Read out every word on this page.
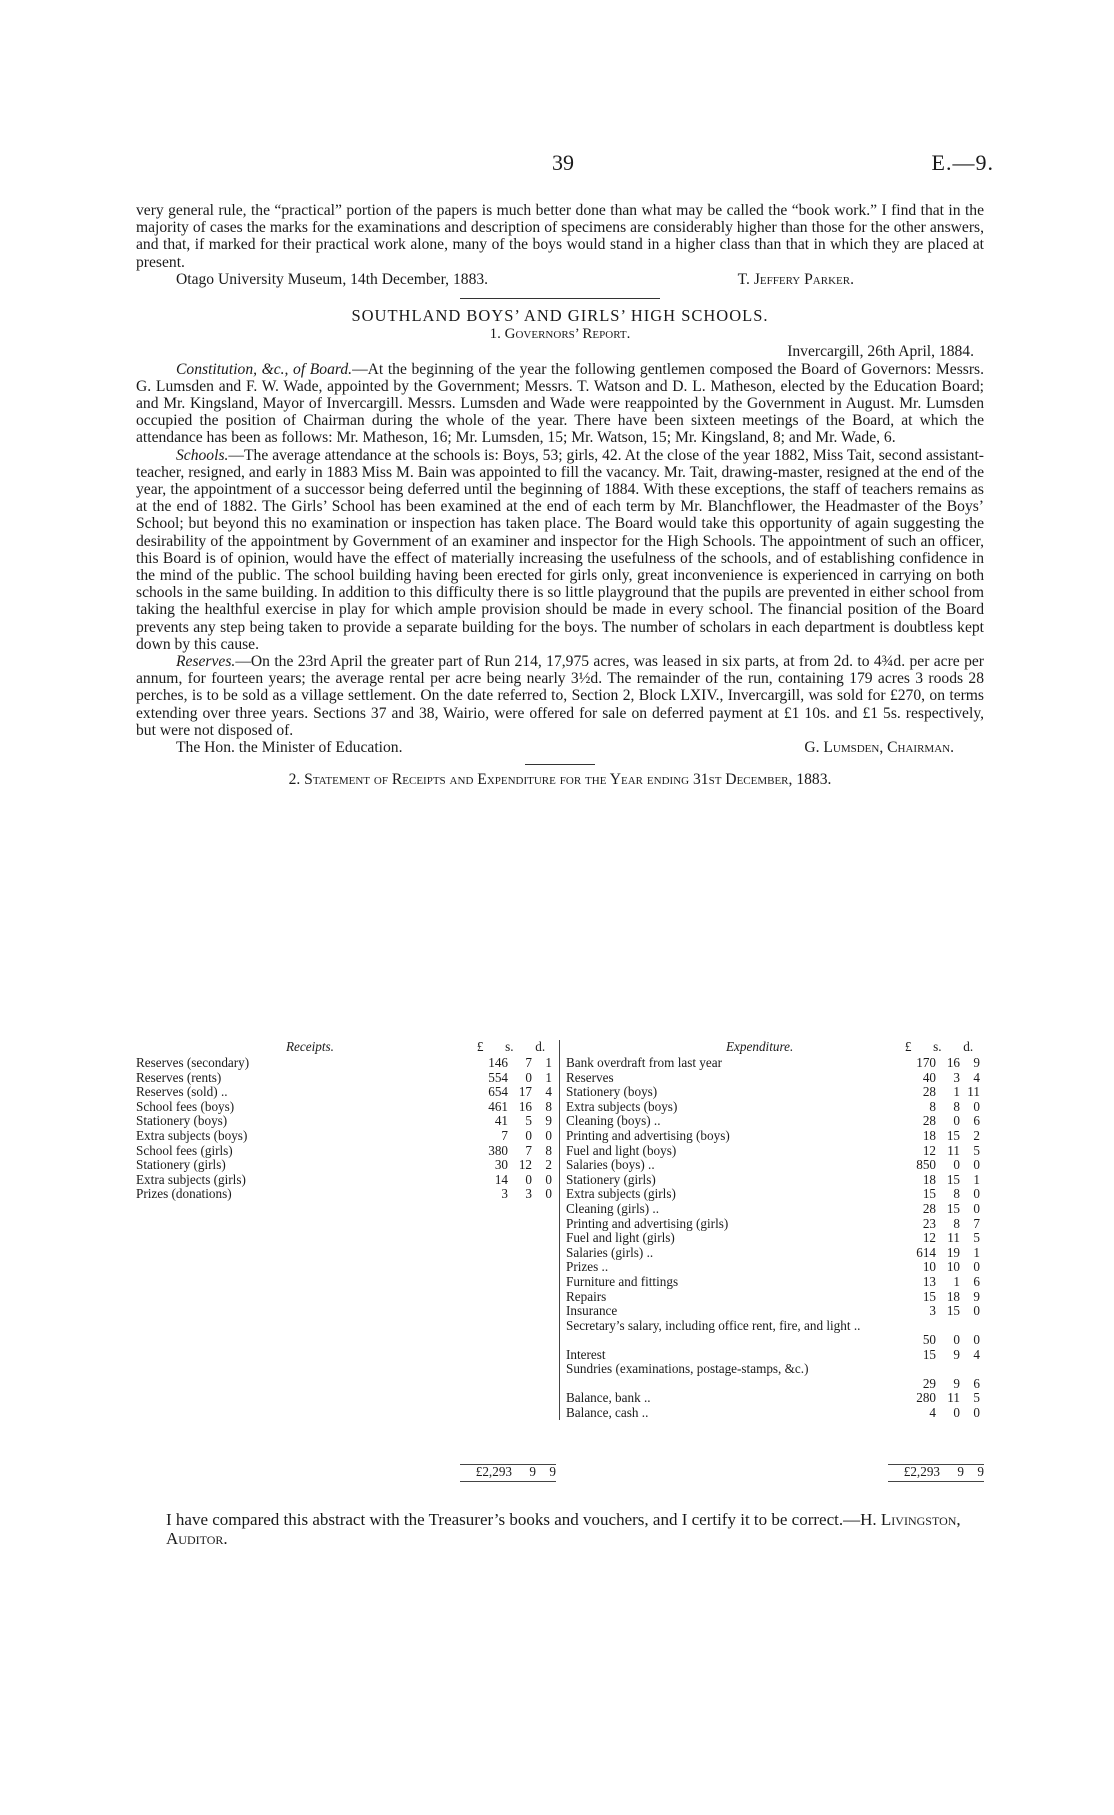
39	E.—9.

very general rule, the “practical” portion of the papers is much better done than what may be called the “book work.” I find that in the majority of cases the marks for the examinations and description of specimens are considerably higher than those for the other answers, and that, if marked for their practical work alone, many of the boys would stand in a higher class than that in which they are placed at present.

Otago University Museum, 14th December, 1883.	T. Jeffery Parker.
SOUTHLAND BOYS’ AND GIRLS’ HIGH SCHOOLS.
1. Governors’ Report.
Invercargill, 26th April, 1884.

Constitution, &c., of Board.—At the beginning of the year the following gentlemen composed the Board of Governors: Messrs. G. Lumsden and F. W. Wade, appointed by the Government; Messrs. T. Watson and D. L. Matheson, elected by the Education Board; and Mr. Kingsland, Mayor of Invercargill. Messrs. Lumsden and Wade were reappointed by the Government in August. Mr. Lumsden occupied the position of Chairman during the whole of the year. There have been sixteen meetings of the Board, at which the attendance has been as follows: Mr. Matheson, 16; Mr. Lumsden, 15; Mr. Watson, 15; Mr. Kingsland, 8; and Mr. Wade, 6.

Schools.—The average attendance at the schools is: Boys, 53; girls, 42. At the close of the year 1882, Miss Tait, second assistant-teacher, resigned, and early in 1883 Miss M. Bain was appointed to fill the vacancy. Mr. Tait, drawing-master, resigned at the end of the year, the appointment of a successor being deferred until the beginning of 1884. With these exceptions, the staff of teachers remains as at the end of 1882. The Girls’ School has been examined at the end of each term by Mr. Blanchflower, the Headmaster of the Boys’ School; but beyond this no examination or inspection has taken place. The Board would take this opportunity of again suggesting the desirability of the appointment by Government of an examiner and inspector for the High Schools. The appointment of such an officer, this Board is of opinion, would have the effect of materially increasing the usefulness of the schools, and of establishing confidence in the mind of the public. The school building having been erected for girls only, great inconvenience is experienced in carrying on both schools in the same building. In addition to this difficulty there is so little playground that the pupils are prevented in either school from taking the healthful exercise in play for which ample provision should be made in every school. The financial position of the Board prevents any step being taken to provide a separate building for the boys. The number of scholars in each department is doubtless kept down by this cause.

Reserves.—On the 23rd April the greater part of Run 214, 17,975 acres, was leased in six parts, at from 2d. to 4¾d. per acre per annum, for fourteen years; the average rental per acre being nearly 3½d. The remainder of the run, containing 179 acres 3 roods 28 perches, is to be sold as a village settlement. On the date referred to, Section 2, Block LXIV., Invercargill, was sold for £270, on terms extending over three years. Sections 37 and 38, Wairio, were offered for sale on deferred payment at £1 10s. and £1 5s. respectively, but were not disposed of.

The Hon. the Minister of Education.	G. Lumsden, Chairman.
2. Statement of Receipts and Expenditure for the Year ending 31st December, 1883.
Receipts.	£ s. d.
Reserves (secondary)	146	7	1
Reserves (rents)	554	0	1
Reserves (sold) ..	654 17	4
School fees (boys)	461 16	8
Stationery (boys)	41	5	9
Extra subjects (boys)	7	0	0
School fees (girls)	380	7	8
Stationery (girls)	30 12	2
Extra subjects (girls)	14	0	0
Prizes (donations)	3	3	0
Expenditure.	£ s. d.
Bank overdraft from last year	170 16	9
Reserves	40	3	4
Stationery (boys)	28	1 11
Extra subjects (boys)	8	8	0
Cleaning (boys) ..	28	0	6
Printing and advertising (boys)	18 15	2
Fuel and light (boys)	12 11	5
Salaries (boys) ..	850	0	0
Stationery (girls)	18 15	1
Extra subjects (girls)	15	8	0
Cleaning (girls) ..	28 15	0
Printing and advertising (girls)	23	8	7
Fuel and light (girls)	12 11	5
Salaries (girls) ..	614 19	1
Prizes ..	10 10	0
Furniture and fittings	13	1	6
Repairs	15 18	9
Insurance	3 15	0
Secretary’s salary, including office rent, fire, and light ..
50	0	0
Interest	15	9	4
Sundries (examinations, postage-stamps, &c.)
29	9	6
Balance, bank ..	280 11	5
Balance, cash ..	4	0	0
£2,293	9	9	£2,293	9	9

I have compared this abstract with the Treasurer’s books and vouchers, and I certify it to be correct.—H. Livingston, Auditor.
